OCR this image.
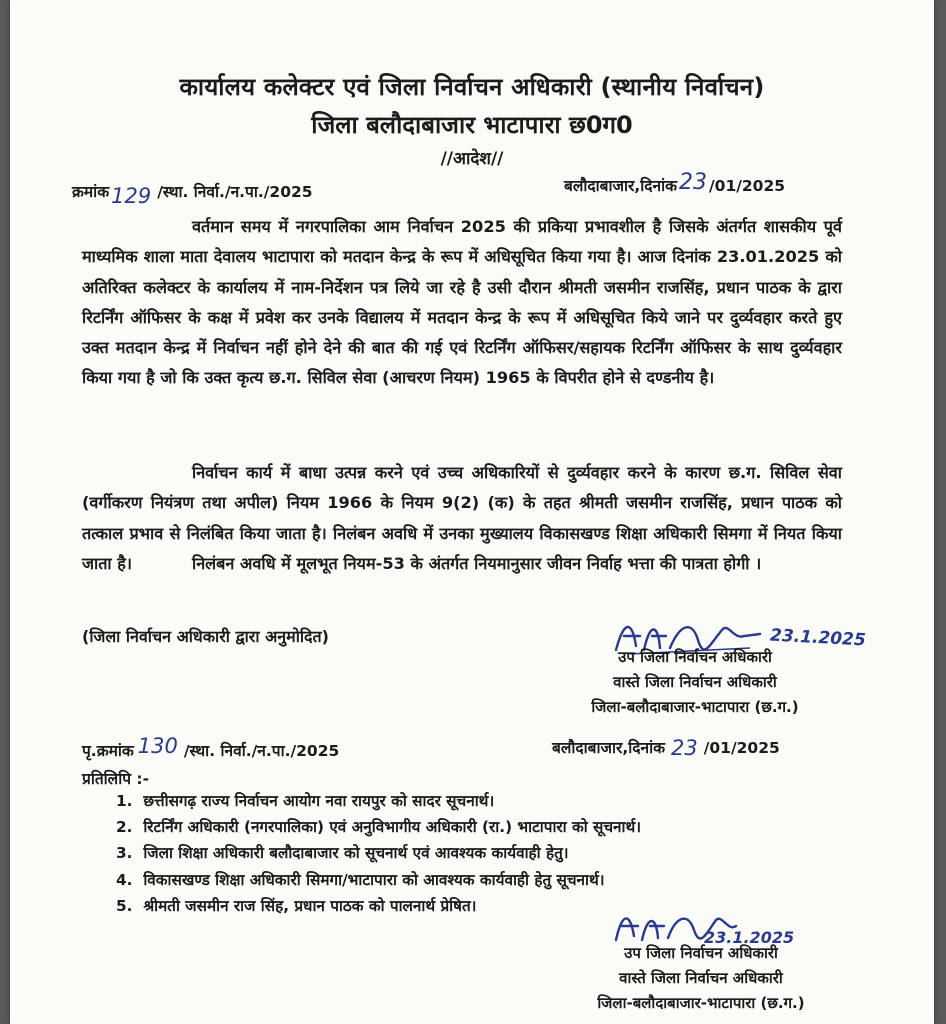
कार्यालय कलेक्टर एवं जिला निर्वाचन अधिकारी (स्थानीय निर्वाचन)
जिला बलौदाबाजार भाटापारा छ0ग0
//आदेश//
क्रमांक129 /स्था. निर्वा./न.पा./2025	बलौदाबाजार,दिनांक23 /01/2025
वर्तमान समय में नगरपालिका आम निर्वाचन 2025 की प्रकिया प्रभावशील है जिसके अंतर्गत शासकीय पूर्व माध्यमिक शाला माता देवालय भाटापारा को मतदान केन्द्र के रूप में अधिसूचित किया गया है। आज दिनांक 23.01.2025 को अतिरिक्त कलेक्टर के कार्यालय में नाम-निर्देशन पत्र लिये जा रहे है उसी दौरान श्रीमती जसमीन राजसिंह, प्रधान पाठक के द्वारा रिटर्निंग ऑफिसर के कक्ष में प्रवेश कर उनके विद्यालय में मतदान केन्द्र के रूप में अधिसूचित किये जाने पर दुर्व्यवहार करते हुए उक्त मतदान केन्द्र में निर्वाचन नहीं होने देने की बात की गई एवं रिटर्निंग ऑफिसर/सहायक रिटर्निंग ऑफिसर के साथ दुर्व्यवहार किया गया है जो कि उक्त कृत्य छ.ग. सिविल सेवा (आचरण नियम) 1965 के विपरीत होने से दण्डनीय है।
निर्वाचन कार्य में बाधा उत्पन्न करने एवं उच्च अधिकारियों से दुर्व्यवहार करने के कारण छ.ग. सिविल सेवा (वर्गीकरण नियंत्रण तथा अपील) नियम 1966 के नियम 9(2) (क) के तहत श्रीमती जसमीन राजसिंह, प्रधान पाठक को तत्काल प्रभाव से निलंबित किया जाता है। निलंबन अवधि में उनका मुख्यालय विकासखण्ड शिक्षा अधिकारी सिमगा में नियत किया जाता है।	निलंबन अवधि में मूलभूत नियम-53 के अंतर्गत नियमानुसार जीवन निर्वाह भत्ता की पात्रता होगी ।
(जिला निर्वाचन अधिकारी द्वारा अनुमोदित)	23.1.2025
उप जिला निर्वाचन अधिकारी
वास्ते जिला निर्वाचन अधिकारी
जिला-बलौदाबाजार-भाटापारा (छ.ग.)
पृ.क्रमांक 130 /स्था. निर्वा./न.पा./2025	बलौदाबाजार,दिनांक 23 /01/2025
प्रतिलिपि :-
1. छत्तीसगढ़ राज्य निर्वाचन आयोग नवा रायपुर को सादर सूचनार्थ।
2. रिटर्निंग अधिकारी (नगरपालिका) एवं अनुविभागीय अधिकारी (रा.) भाटापारा को सूचनार्थ।
3. जिला शिक्षा अधिकारी बलौदाबाजार को सूचनार्थ एवं आवश्यक कार्यवाही हेतु।
4. विकासखण्ड शिक्षा अधिकारी सिमगा/भाटापारा को आवश्यक कार्यवाही हेतु सूचनार्थ।
5. श्रीमती जसमीन राज सिंह, प्रधान पाठक को पालनार्थ प्रेषित।
23.1.2025
उप जिला निर्वाचन अधिकारी
वास्ते जिला निर्वाचन अधिकारी
जिला-बलौदाबाजार-भाटापारा (छ.ग.)
